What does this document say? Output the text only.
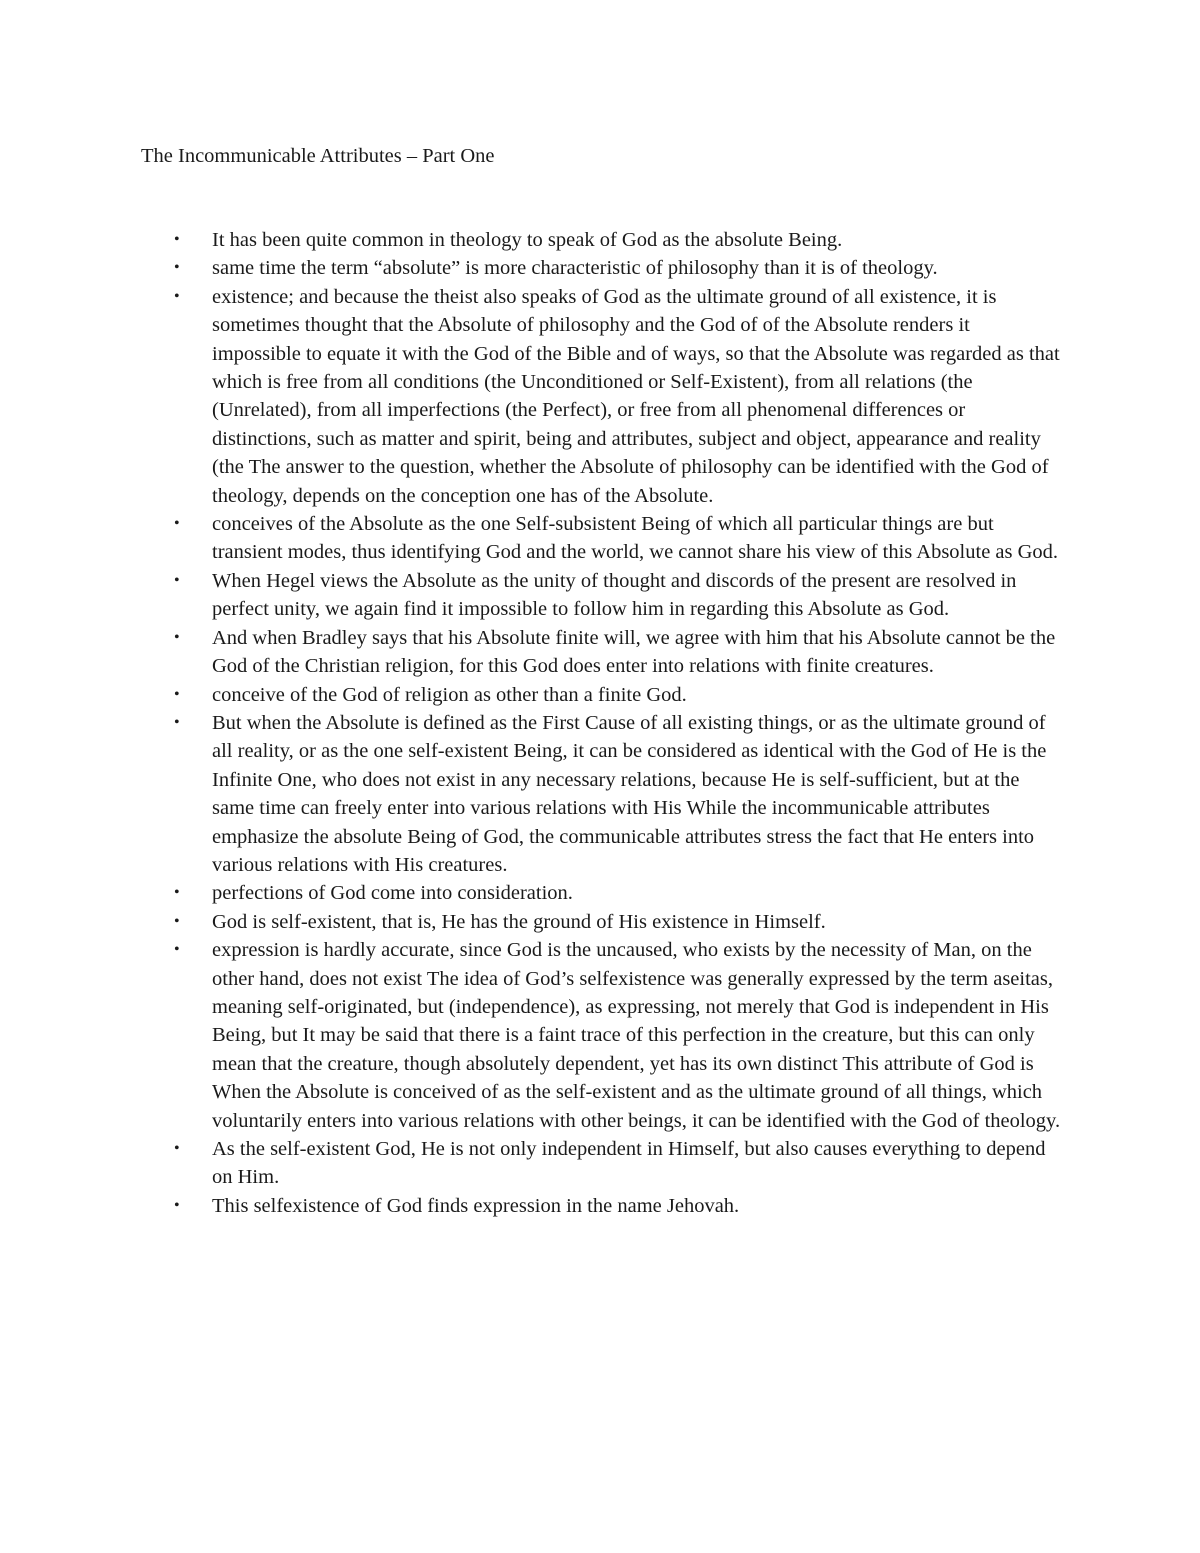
The Incommunicable Attributes – Part One
• It has been quite common in theology to speak of God as the absolute Being.
• same time the term “absolute” is more characteristic of philosophy than it is of theology.
• existence; and because the theist also speaks of God as the ultimate ground of all existence, it is sometimes thought that the Absolute of philosophy and the God of of the Absolute renders it impossible to equate it with the God of the Bible and of ways, so that the Absolute was regarded as that which is free from all conditions (the Unconditioned or Self-Existent), from all relations (the (Unrelated), from all imperfections (the Perfect), or free from all phenomenal differences or distinctions, such as matter and spirit, being and attributes, subject and object, appearance and reality (the The answer to the question, whether the Absolute of philosophy can be identified with the God of theology, depends on the conception one has of the Absolute.
• conceives of the Absolute as the one Self-subsistent Being of which all particular things are but transient modes, thus identifying God and the world, we cannot share his view of this Absolute as God.
• When Hegel views the Absolute as the unity of thought and discords of the present are resolved in perfect unity, we again find it impossible to follow him in regarding this Absolute as God.
• And when Bradley says that his Absolute finite will, we agree with him that his Absolute cannot be the God of the Christian religion, for this God does enter into relations with finite creatures.
• conceive of the God of religion as other than a finite God.
• But when the Absolute is defined as the First Cause of all existing things, or as the ultimate ground of all reality, or as the one self-existent Being, it can be considered as identical with the God of He is the Infinite One, who does not exist in any necessary relations, because He is self-sufficient, but at the same time can freely enter into various relations with His While the incommunicable attributes emphasize the absolute Being of God, the communicable attributes stress the fact that He enters into various relations with His creatures.
• perfections of God come into consideration.
• God is self-existent, that is, He has the ground of His existence in Himself.
• expression is hardly accurate, since God is the uncaused, who exists by the necessity of Man, on the other hand, does not exist The idea of God’s selfexistence was generally expressed by the term aseitas, meaning self-originated, but (independence), as expressing, not merely that God is independent in His Being, but It may be said that there is a faint trace of this perfection in the creature, but this can only mean that the creature, though absolutely dependent, yet has its own distinct This attribute of God is When the Absolute is conceived of as the self-existent and as the ultimate ground of all things, which voluntarily enters into various relations with other beings, it can be identified with the God of theology.
• As the self-existent God, He is not only independent in Himself, but also causes everything to depend on Him.
• This selfexistence of God finds expression in the name Jehovah.
